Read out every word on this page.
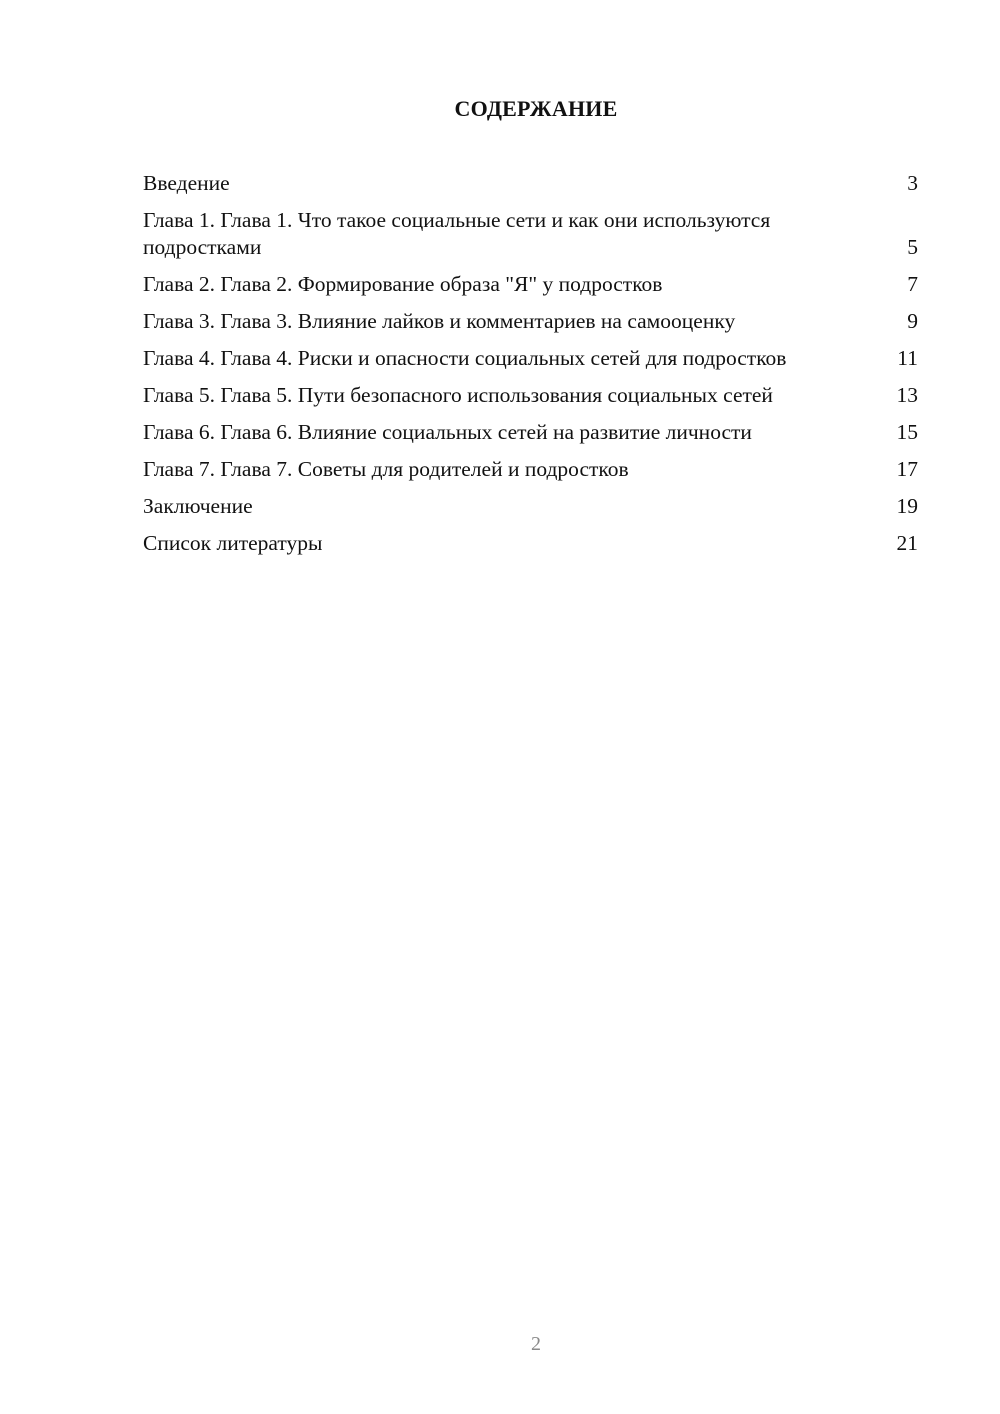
СОДЕРЖАНИЕ
Введение	3
Глава 1. Глава 1. Что такое социальные сети и как они используются подростками	5
Глава 2. Глава 2. Формирование образа "Я" у подростков	7
Глава 3. Глава 3. Влияние лайков и комментариев на самооценку	9
Глава 4. Глава 4. Риски и опасности социальных сетей для подростков	11
Глава 5. Глава 5. Пути безопасного использования социальных сетей	13
Глава 6. Глава 6. Влияние социальных сетей на развитие личности	15
Глава 7. Глава 7. Советы для родителей и подростков	17
Заключение	19
Список литературы	21
2
